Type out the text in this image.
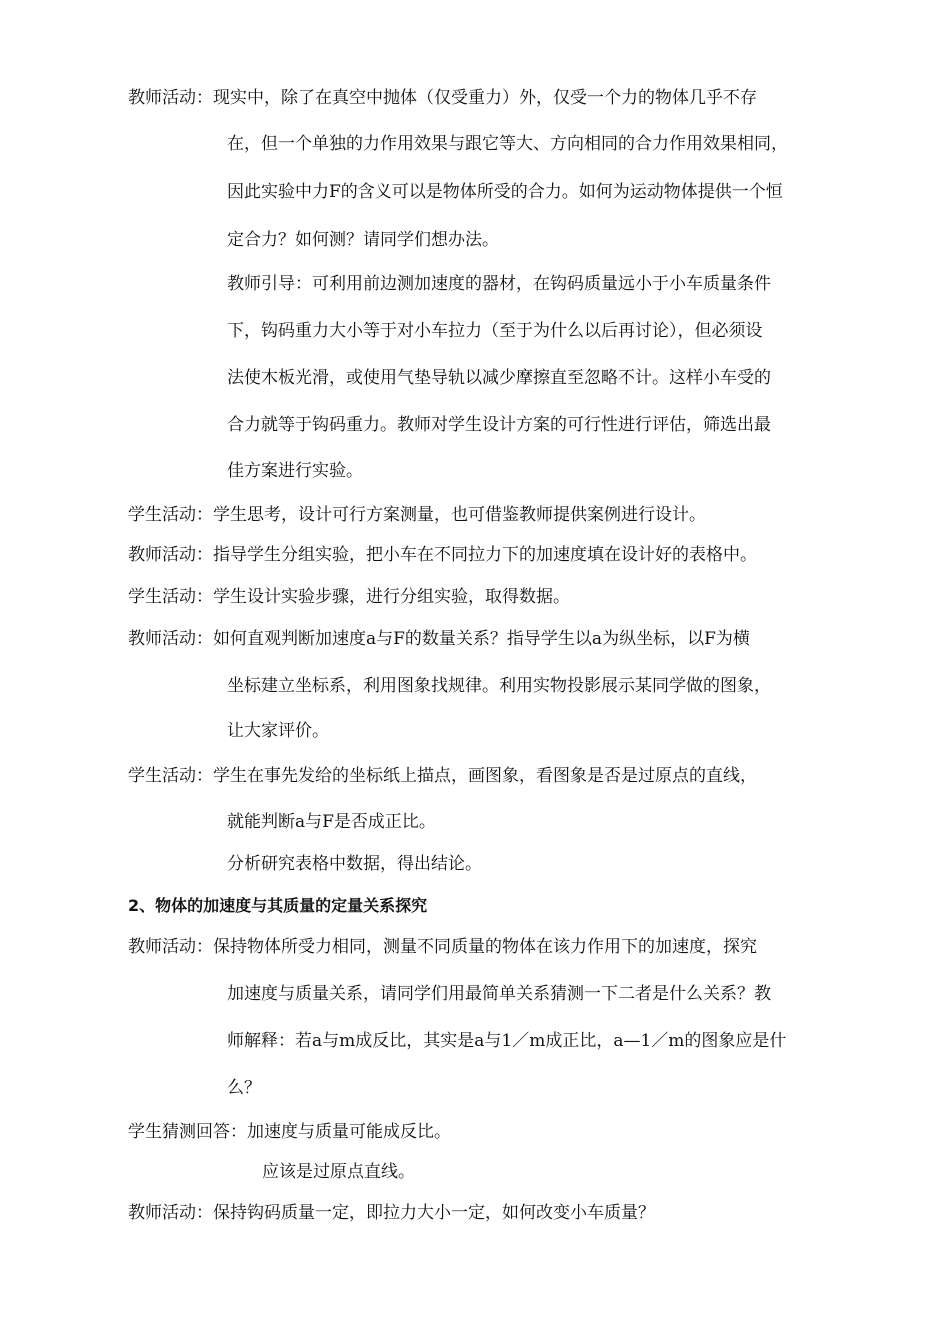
教师活动：现实中，除了在真空中抛体（仅受重力）外，仅受一个力的物体几乎不存
在，但一个单独的力作用效果与跟它等大、方向相同的合力作用效果相同，
因此实验中力F的含义可以是物体所受的合力。如何为运动物体提供一个恒
定合力？如何测？请同学们想办法。
教师引导：可利用前边测加速度的器材，在钩码质量远小于小车质量条件
下，钩码重力大小等于对小车拉力（至于为什么以后再讨论），但必须设
法使木板光滑，或使用气垫导轨以减少摩擦直至忽略不计。这样小车受的
合力就等于钩码重力。教师对学生设计方案的可行性进行评估，筛选出最
佳方案进行实验。
学生活动：学生思考，设计可行方案测量，也可借鉴教师提供案例进行设计。
教师活动：指导学生分组实验，把小车在不同拉力下的加速度填在设计好的表格中。
学生活动：学生设计实验步骤，进行分组实验，取得数据。
教师活动：如何直观判断加速度a与F的数量关系？指导学生以a为纵坐标，以F为横
坐标建立坐标系，利用图象找规律。利用实物投影展示某同学做的图象，
让大家评价。
学生活动：学生在事先发给的坐标纸上描点，画图象，看图象是否是过原点的直线，
就能判断a与F是否成正比。
分析研究表格中数据，得出结论。
2、物体的加速度与其质量的定量关系探究
教师活动：保持物体所受力相同，测量不同质量的物体在该力作用下的加速度，探究
加速度与质量关系，请同学们用最简单关系猜测一下二者是什么关系？教
师解释：若a与m成反比，其实是a与1／m成正比，a—1／m的图象应是什
么？
学生猜测回答：加速度与质量可能成反比。
应该是过原点直线。
教师活动：保持钩码质量一定，即拉力大小一定，如何改变小车质量？
